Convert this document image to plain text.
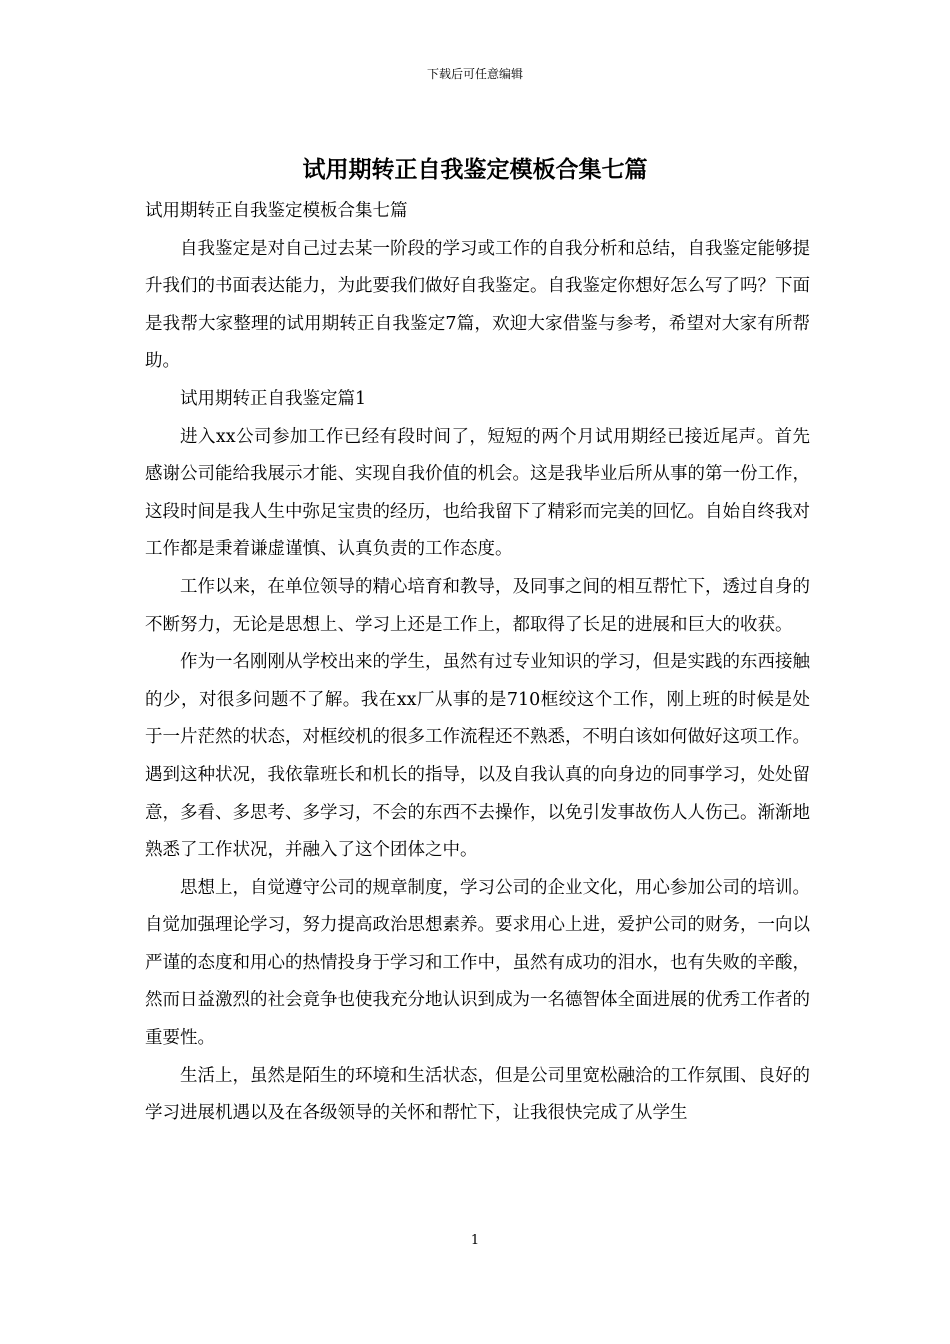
下载后可任意编辑
试用期转正自我鉴定模板合集七篇

试用期转正自我鉴定模板合集七篇

自我鉴定是对自己过去某一阶段的学习或工作的自我分析和总结，自我鉴定能够提升我们的书面表达能力，为此要我们做好自我鉴定。自我鉴定你想好怎么写了吗？下面是我帮大家整理的试用期转正自我鉴定7篇，欢迎大家借鉴与参考，希望对大家有所帮助。

试用期转正自我鉴定篇1

进入xx公司参加工作已经有段时间了，短短的两个月试用期经已接近尾声。首先感谢公司能给我展示才能、实现自我价值的机会。这是我毕业后所从事的第一份工作，这段时间是我人生中弥足宝贵的经历，也给我留下了精彩而完美的回忆。自始自终我对工作都是秉着谦虚谨慎、认真负责的工作态度。

工作以来，在单位领导的精心培育和教导，及同事之间的相互帮忙下，透过自身的不断努力，无论是思想上、学习上还是工作上，都取得了长足的进展和巨大的收获。

作为一名刚刚从学校出来的学生，虽然有过专业知识的学习，但是实践的东西接触的少，对很多问题不了解。我在xx厂从事的是710框绞这个工作，刚上班的时候是处于一片茫然的状态，对框绞机的很多工作流程还不熟悉，不明白该如何做好这项工作。遇到这种状况，我依靠班长和机长的指导，以及自我认真的向身边的同事学习，处处留意，多看、多思考、多学习，不会的东西不去操作，以免引发事故伤人人伤己。渐渐地熟悉了工作状况，并融入了这个团体之中。

思想上，自觉遵守公司的规章制度，学习公司的企业文化，用心参加公司的培训。自觉加强理论学习，努力提高政治思想素养。要求用心上进，爱护公司的财务，一向以严谨的态度和用心的热情投身于学习和工作中，虽然有成功的泪水，也有失败的辛酸，然而日益激烈的社会竟争也使我充分地认识到成为一名德智体全面进展的优秀工作者的重要性。

生活上，虽然是陌生的环境和生活状态，但是公司里宽松融洽的工作氛围、良好的学习进展机遇以及在各级领导的关怀和帮忙下，让我很快完成了从学生

1
